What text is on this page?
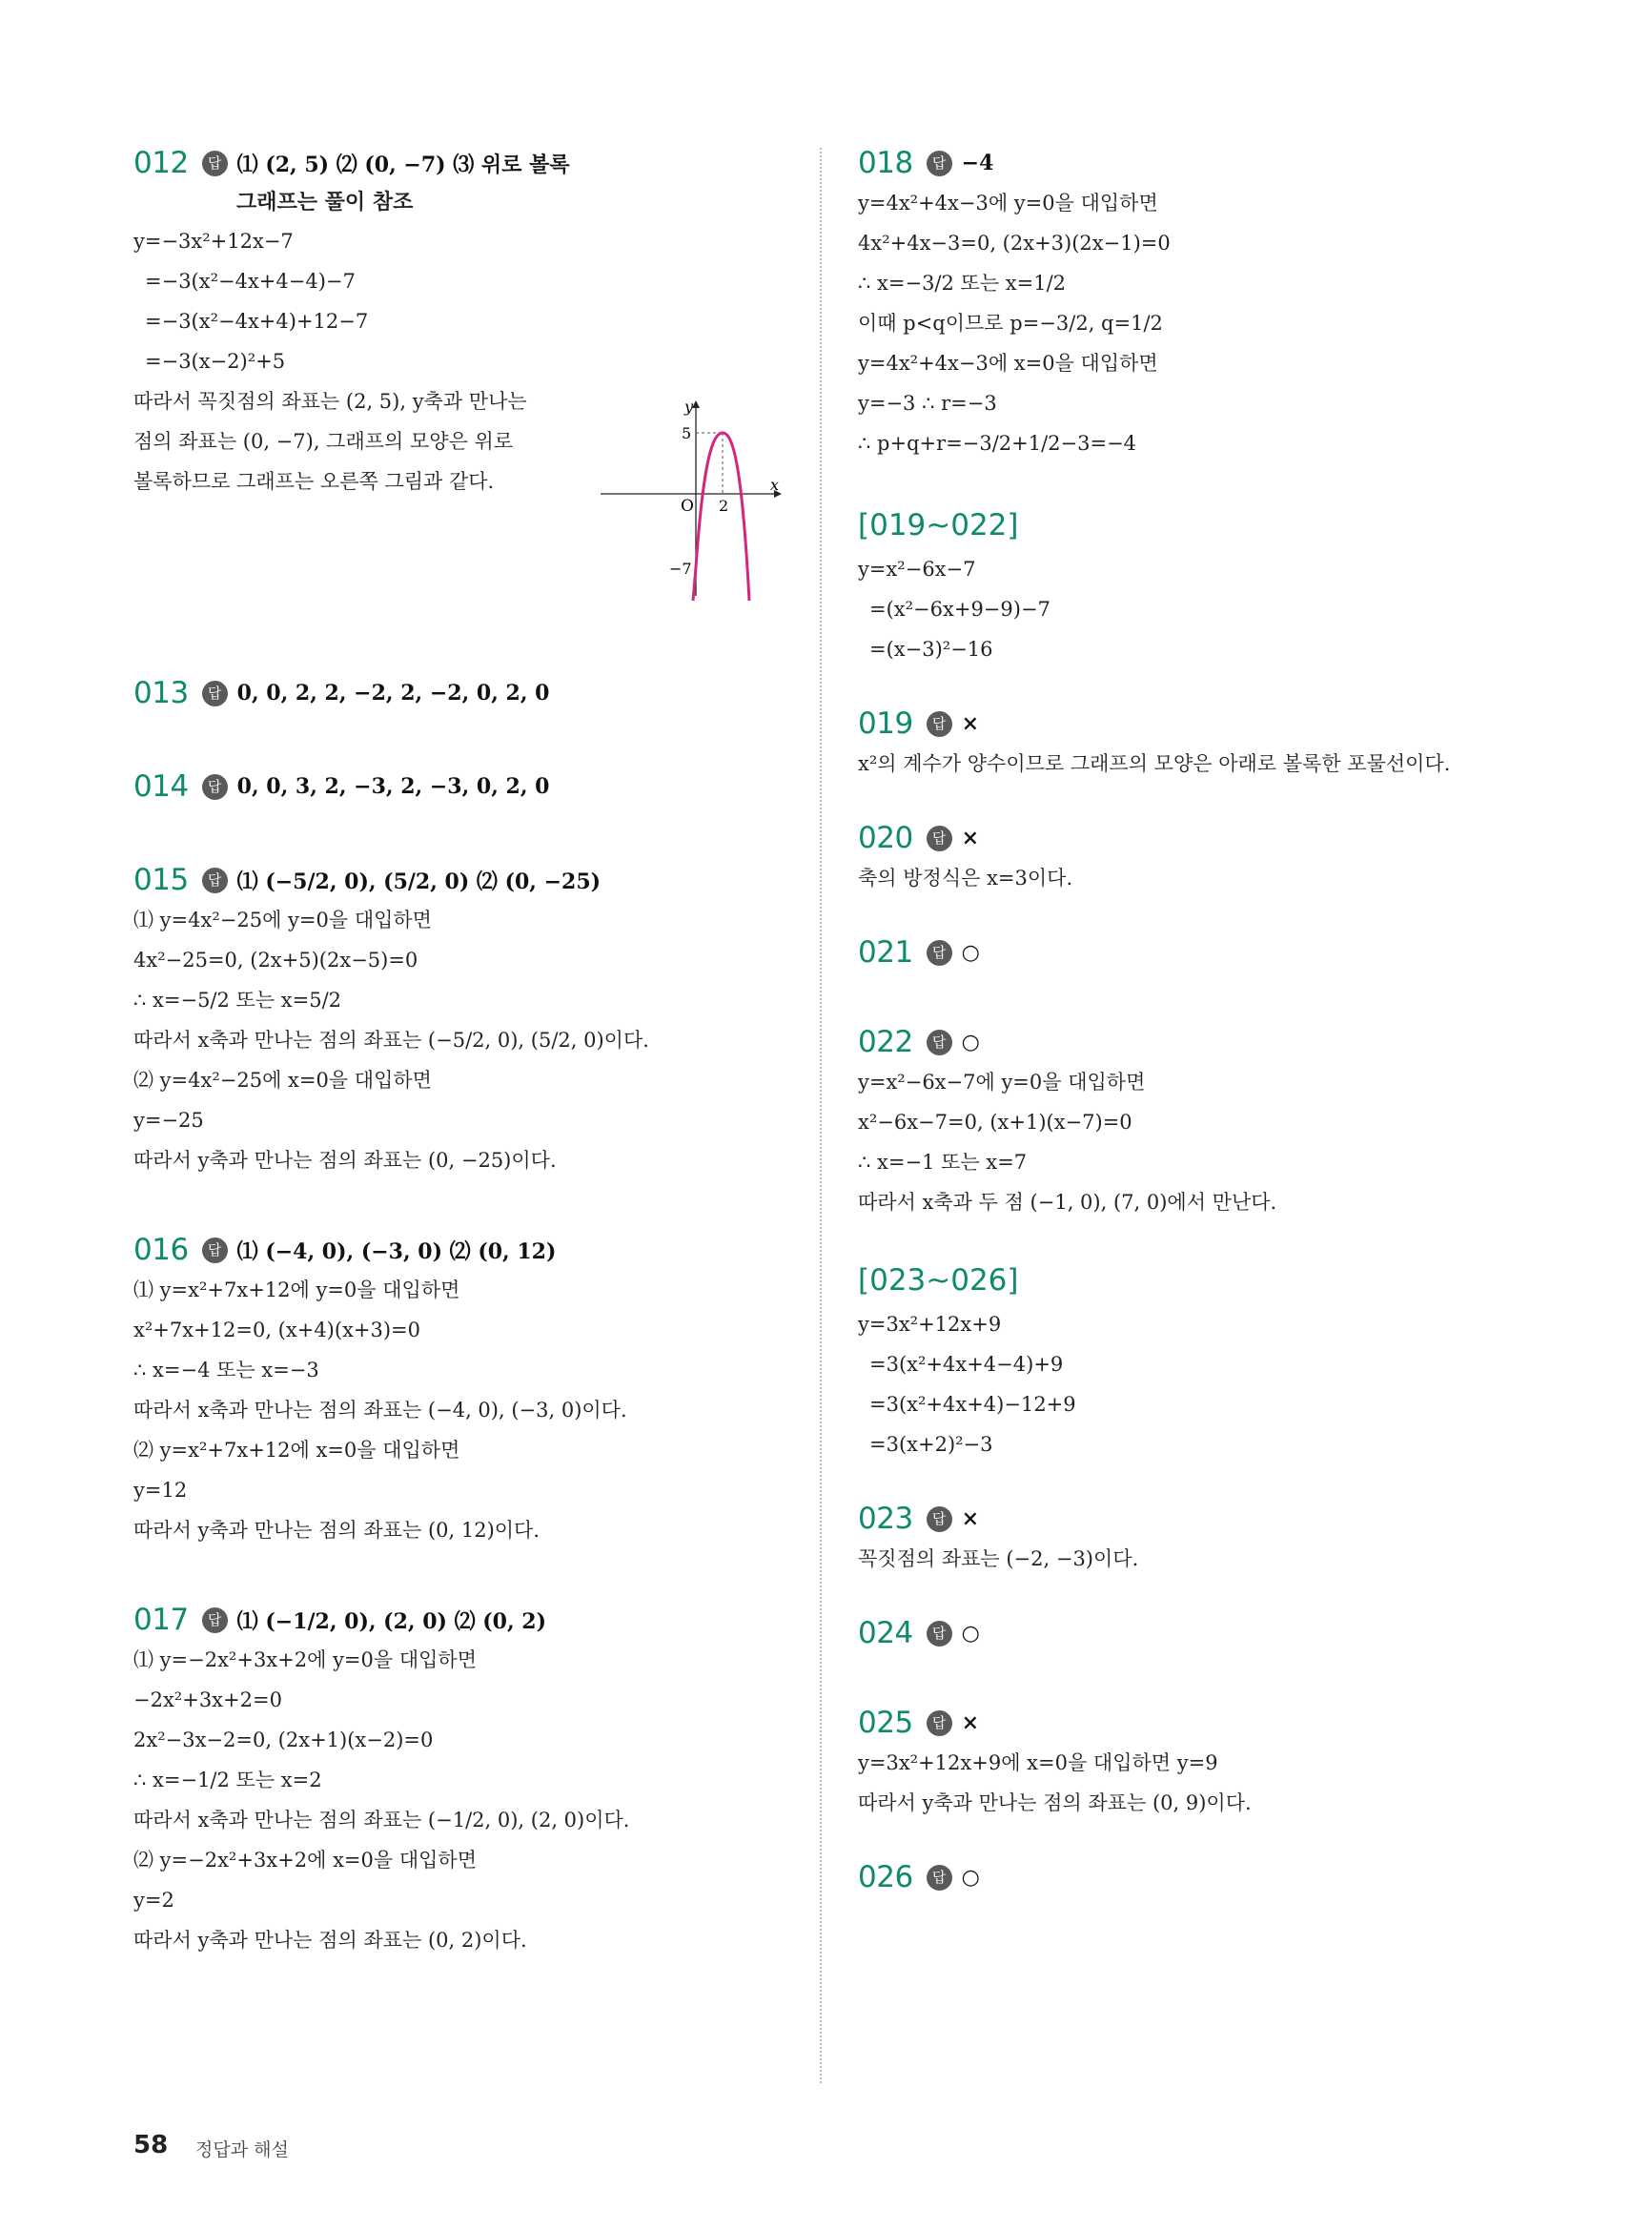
012	답 ⑴ (2, 5) ⑵ (0, −7) ⑶ 위로 볼록
그래프는 풀이 참조
y=−3x²+12x−7
=−3(x²−4x+4−4)−7
=−3(x²−4x+4)+12−7
=−3(x−2)²+5
따라서 꼭짓점의 좌표는 (2, 5), y축과 만나는
점의 좌표는 (0, −7), 그래프의 모양은 위로
볼록하므로 그래프는 오른쪽 그림과 같다.
013	답 0, 0, 2, 2, −2, 2, −2, 0, 2, 0
014	답 0, 0, 3, 2, −3, 2, −3, 0, 2, 0
015	답 ⑴ (−5/2, 0), (5/2, 0) ⑵ (0, −25)
⑴ y=4x²−25에 y=0을 대입하면
4x²−25=0, (2x+5)(2x−5)=0
∴ x=−5/2 또는 x=5/2
따라서 x축과 만나는 점의 좌표는 (−5/2, 0), (5/2, 0)이다.
⑵ y=4x²−25에 x=0을 대입하면
y=−25
따라서 y축과 만나는 점의 좌표는 (0, −25)이다.
016	답 ⑴ (−4, 0), (−3, 0) ⑵ (0, 12)
⑴ y=x²+7x+12에 y=0을 대입하면
x²+7x+12=0, (x+4)(x+3)=0
∴ x=−4 또는 x=−3
따라서 x축과 만나는 점의 좌표는 (−4, 0), (−3, 0)이다.
⑵ y=x²+7x+12에 x=0을 대입하면
y=12
따라서 y축과 만나는 점의 좌표는 (0, 12)이다.
017	답 ⑴ (−1/2, 0), (2, 0) ⑵ (0, 2)
⑴ y=−2x²+3x+2에 y=0을 대입하면
−2x²+3x+2=0
2x²−3x−2=0, (2x+1)(x−2)=0
∴ x=−1/2 또는 x=2
따라서 x축과 만나는 점의 좌표는 (−1/2, 0), (2, 0)이다.
⑵ y=−2x²+3x+2에 x=0을 대입하면
y=2
따라서 y축과 만나는 점의 좌표는 (0, 2)이다.
y
x
O
5
−7
2
018	답 −4
y=4x²+4x−3에 y=0을 대입하면
4x²+4x−3=0, (2x+3)(2x−1)=0
∴ x=−3/2 또는 x=1/2
이때 p<q이므로 p=−3/2, q=1/2
y=4x²+4x−3에 x=0을 대입하면
y=−3 ∴ r=−3
∴ p+q+r=−3/2+1/2−3=−4
[019~022]
y=x²−6x−7
=(x²−6x+9−9)−7
=(x−3)²−16
019	답 ×
x²의 계수가 양수이므로 그래프의 모양은 아래로 볼록한 포물선이다.
020	답 ×
축의 방정식은 x=3이다.
021	답 ○
022	답 ○
y=x²−6x−7에 y=0을 대입하면
x²−6x−7=0, (x+1)(x−7)=0
∴ x=−1 또는 x=7
따라서 x축과 두 점 (−1, 0), (7, 0)에서 만난다.
[023~026]
y=3x²+12x+9
=3(x²+4x+4−4)+9
=3(x²+4x+4)−12+9
=3(x+2)²−3
023	답 ×
꼭짓점의 좌표는 (−2, −3)이다.
024	답 ○
025	답 ×
y=3x²+12x+9에 x=0을 대입하면 y=9
따라서 y축과 만나는 점의 좌표는 (0, 9)이다.
026	답 ○
58 정답과 해설
